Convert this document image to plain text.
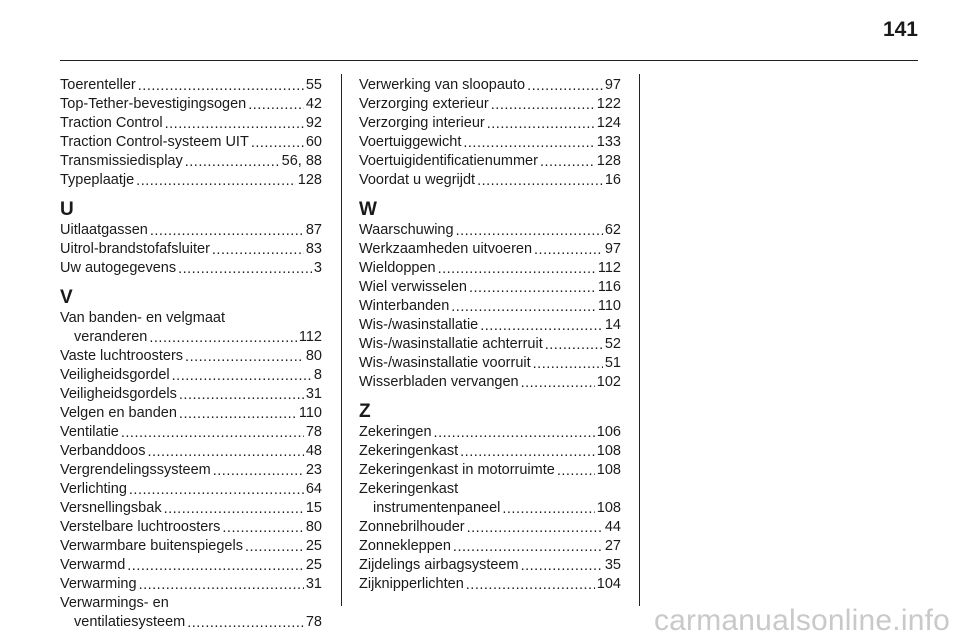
141
Toerenteller .....	55
Top-Tether-bevestigingsogen .....	42
Traction Control .....	92
Traction Control-systeem UIT .....	60
Transmissiedisplay .....	56, 88
Typeplaatje .....	128
U
Uitlaatgassen .....	87
Uitrol-brandstofafsluiter .....	83
Uw autogegevens .....	3
V
Van banden- en velgmaat
veranderen .....	112
Vaste luchtroosters .....	80
Veiligheidsgordel .....	8
Veiligheidsgordels .....	31
Velgen en banden .....	110
Ventilatie .....	78
Verbanddoos .....	48
Vergrendelingssysteem .....	23
Verlichting .....	64
Versnellingsbak .....	15
Verstelbare luchtroosters .....	80
Verwarmbare buitenspiegels .....	25
Verwarmd .....	25
Verwarming .....	31
Verwarmings- en
ventilatiesysteem .....	78
Verwerking van sloopauto .....	97
Verzorging exterieur .....	122
Verzorging interieur .....	124
Voertuiggewicht .....	133
Voertuigidentificatienummer .....	128
Voordat u wegrijdt .....	16
W
Waarschuwing .....	62
Werkzaamheden uitvoeren .....	97
Wieldoppen .....	112
Wiel verwisselen .....	116
Winterbanden .....	110
Wis-/wasinstallatie .....	14
Wis-/wasinstallatie achterruit .....	52
Wis-/wasinstallatie voorruit .....	51
Wisserbladen vervangen .....	102
Z
Zekeringen .....	106
Zekeringenkast .....	108
Zekeringenkast in motorruimte .....	108
Zekeringenkast
instrumentenpaneel .....	108
Zonnebrilhouder .....	44
Zonnekleppen .....	27
Zijdelings airbagsysteem .....	35
Zijknipperlichten .....	104
carmanualsonline.info
